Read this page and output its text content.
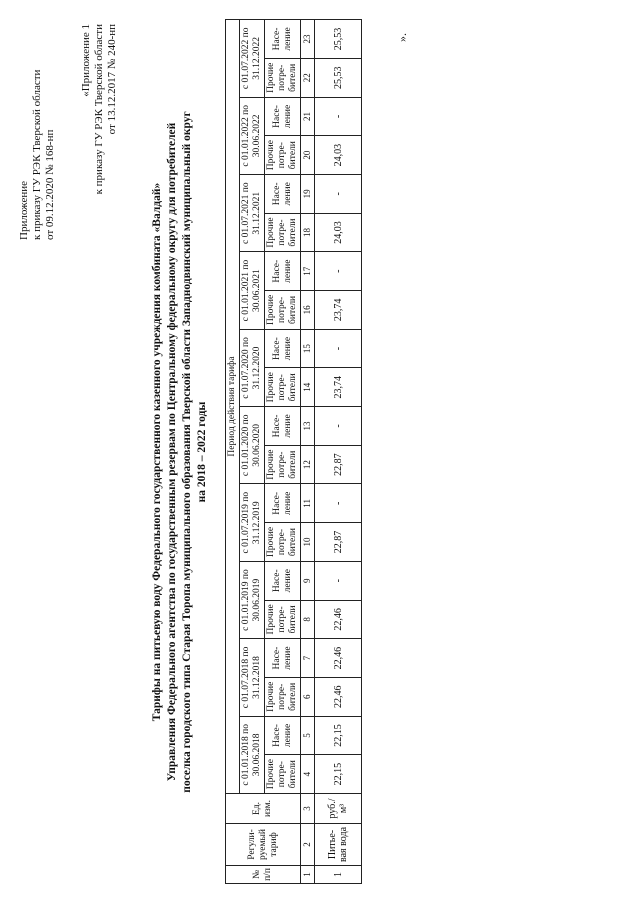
Приложение к приказу ГУ РЭК Тверской области от 09.12.2020 № 168-нп
«Приложение 1 к приказу ГУ РЭК Тверской области от 13.12.2017 № 240-нп
Тарифы на питьевую воду Федерального государственного казенного учреждения комбината «Валдай» Управления Федерального агентства по государственным резервам по Центральному федеральному округу для потребителей поселка городского типа Старая Торопа муниципального образования Тверской области Западнодвинский муниципальный округ на 2018 – 2022 годы
№ п/п	Регули-руемый тариф	Ед. изм.	Период действия тарифа																			
			с 01.01.2018 по 30.06.2018		с 01.07.2018 по 31.12.2018		с 01.01.2019 по 30.06.2019		с 01.07.2019 по 31.12.2019		с 01.01.2020 по 30.06.2020		с 01.07.2020 по 31.12.2020		с 01.01.2021 по 30.06.2021		с 01.07.2021 по 31.12.2021		с 01.01.2022 по 30.06.2022		с 01.07.2022 по 31.12.2022	
			Прочие потре-бители	Насе-ление	Прочие потре-бители	Насе-ление	Прочие потре-бители	Насе-ление	Прочие потре-бители	Насе-ление	Прочие потре-бители	Насе-ление	Прочие потре-бители	Насе-ление	Прочие потре-бители	Насе-ление	Прочие потре-бители	Насе-ление	Прочие потре-бители	Насе-ление	Прочие потре-бители	Насе-ление
1	2	3	4	5	6	7	8	9	10	11	12	13	14	15	16	17	18	19	20	21	22	23
1	Питье-вая вода	руб./м³	22,15	22,15	22,46	22,46	22,46	-	22,87	-	22,87	-	23,74	-	23,74	-	24,03	-	24,03	-	25,53	25,53	».
